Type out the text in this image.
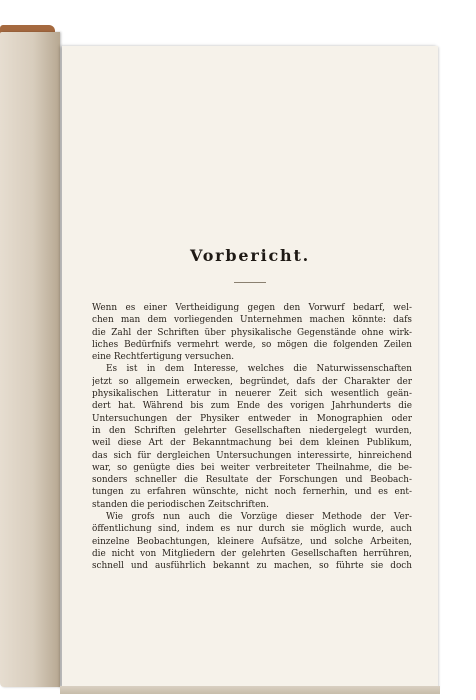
Vorbericht.
Wenn es einer Vertheidigung gegen den Vorwurf bedarf, wel-
chen man dem vorliegenden Unternehmen machen könnte: dafs
die Zahl der Schriften über physikalische Gegenstände ohne wirk-
liches Bedürfnifs vermehrt werde, so mögen die folgenden Zeilen
eine Rechtfertigung versuchen.
Es ist in dem Interesse, welches die Naturwissenschaften
jetzt so allgemein erwecken, begründet, dafs der Charakter der
physikalischen Litteratur in neuerer Zeit sich wesentlich geän-
dert hat. Während bis zum Ende des vorigen Jahrhunderts die
Untersuchungen der Physiker entweder in Monographien oder
in den Schriften gelehrter Gesellschaften niedergelegt wurden,
weil diese Art der Bekanntmachung bei dem kleinen Publikum,
das sich für dergleichen Untersuchungen interessirte, hinreichend
war, so genügte dies bei weiter verbreiteter Theilnahme, die be-
sonders schneller die Resultate der Forschungen und Beobach-
tungen zu erfahren wünschte, nicht noch fernerhin, und es ent-
standen die periodischen Zeitschriften.
Wie grofs nun auch die Vorzüge dieser Methode der Ver-
öffentlichung sind, indem es nur durch sie möglich wurde, auch
einzelne Beobachtungen, kleinere Aufsätze, und solche Arbeiten,
die nicht von Mitgliedern der gelehrten Gesellschaften herrühren,
schnell und ausführlich bekannt zu machen, so führte sie doch
